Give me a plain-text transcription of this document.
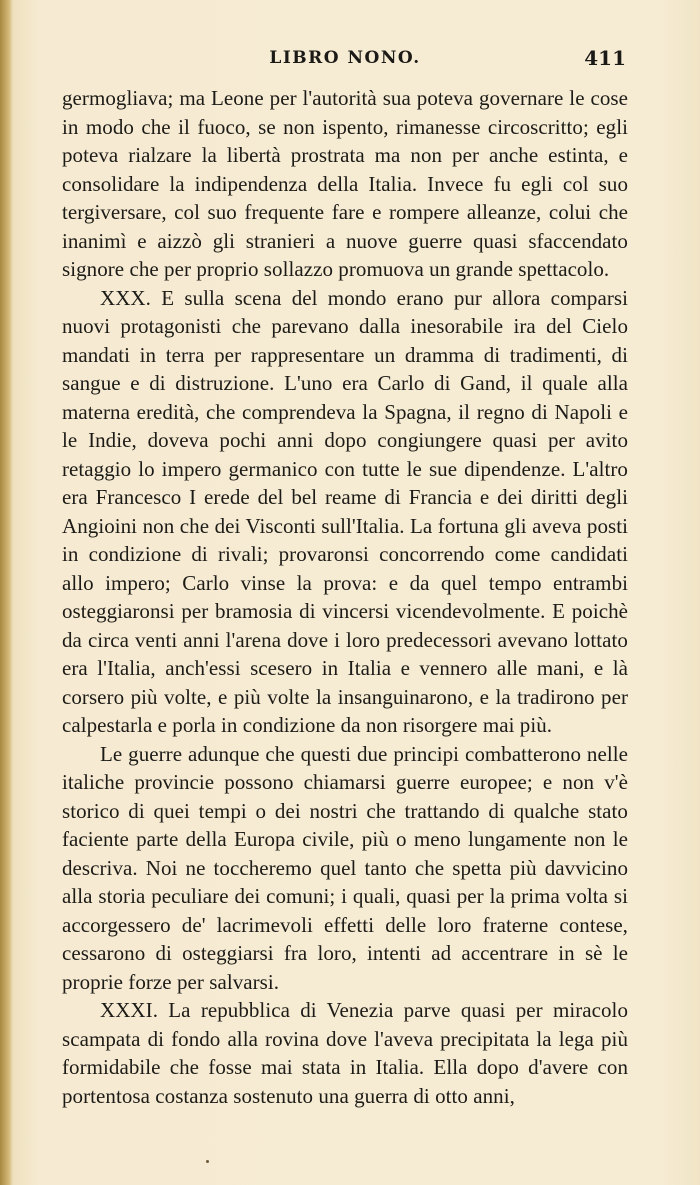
LIBRO NONO.	411

germogliava; ma Leone per l'autorità sua poteva governare le cose in modo che il fuoco, se non ispento, rimanesse circoscritto; egli poteva rialzare la libertà prostrata ma non per anche estinta, e consolidare la indipendenza della Italia. Invece fu egli col suo tergiversare, col suo frequente fare e rompere alleanze, colui che inanimì e aizzò gli stranieri a nuove guerre quasi sfaccendato signore che per proprio sollazzo promuova un grande spettacolo.

XXX. E sulla scena del mondo erano pur allora comparsi nuovi protagonisti che parevano dalla inesorabile ira del Cielo mandati in terra per rappresentare un dramma di tradimenti, di sangue e di distruzione. L'uno era Carlo di Gand, il quale alla materna eredità, che comprendeva la Spagna, il regno di Napoli e le Indie, doveva pochi anni dopo congiungere quasi per avito retaggio lo impero germanico con tutte le sue dipendenze. L'altro era Francesco I erede del bel reame di Francia e dei diritti degli Angioini non che dei Visconti sull'Italia. La fortuna gli aveva posti in condizione di rivali; provaronsi concorrendo come candidati allo impero; Carlo vinse la prova: e da quel tempo entrambi osteggiaronsi per bramosia di vincersi vicendevolmente. E poichè da circa venti anni l'arena dove i loro predecessori avevano lottato era l'Italia, anch'essi scesero in Italia e vennero alle mani, e là corsero più volte, e più volte la insanguinarono, e la tradirono per calpestarla e porla in condizione da non risorgere mai più.

Le guerre adunque che questi due principi combatterono nelle italiche provincie possono chiamarsi guerre europee; e non v'è storico di quei tempi o dei nostri che trattando di qualche stato faciente parte della Europa civile, più o meno lungamente non le descriva. Noi ne toccheremo quel tanto che spetta più davvicino alla storia peculiare dei comuni; i quali, quasi per la prima volta si accorgessero de' lacrimevoli effetti delle loro fraterne contese, cessarono di osteggiarsi fra loro, intenti ad accentrare in sè le proprie forze per salvarsi.

XXXI. La repubblica di Venezia parve quasi per miracolo scampata di fondo alla rovina dove l'aveva precipitata la lega più formidabile che fosse mai stata in Italia. Ella dopo d'avere con portentosa costanza sostenuto una guerra di otto anni,
